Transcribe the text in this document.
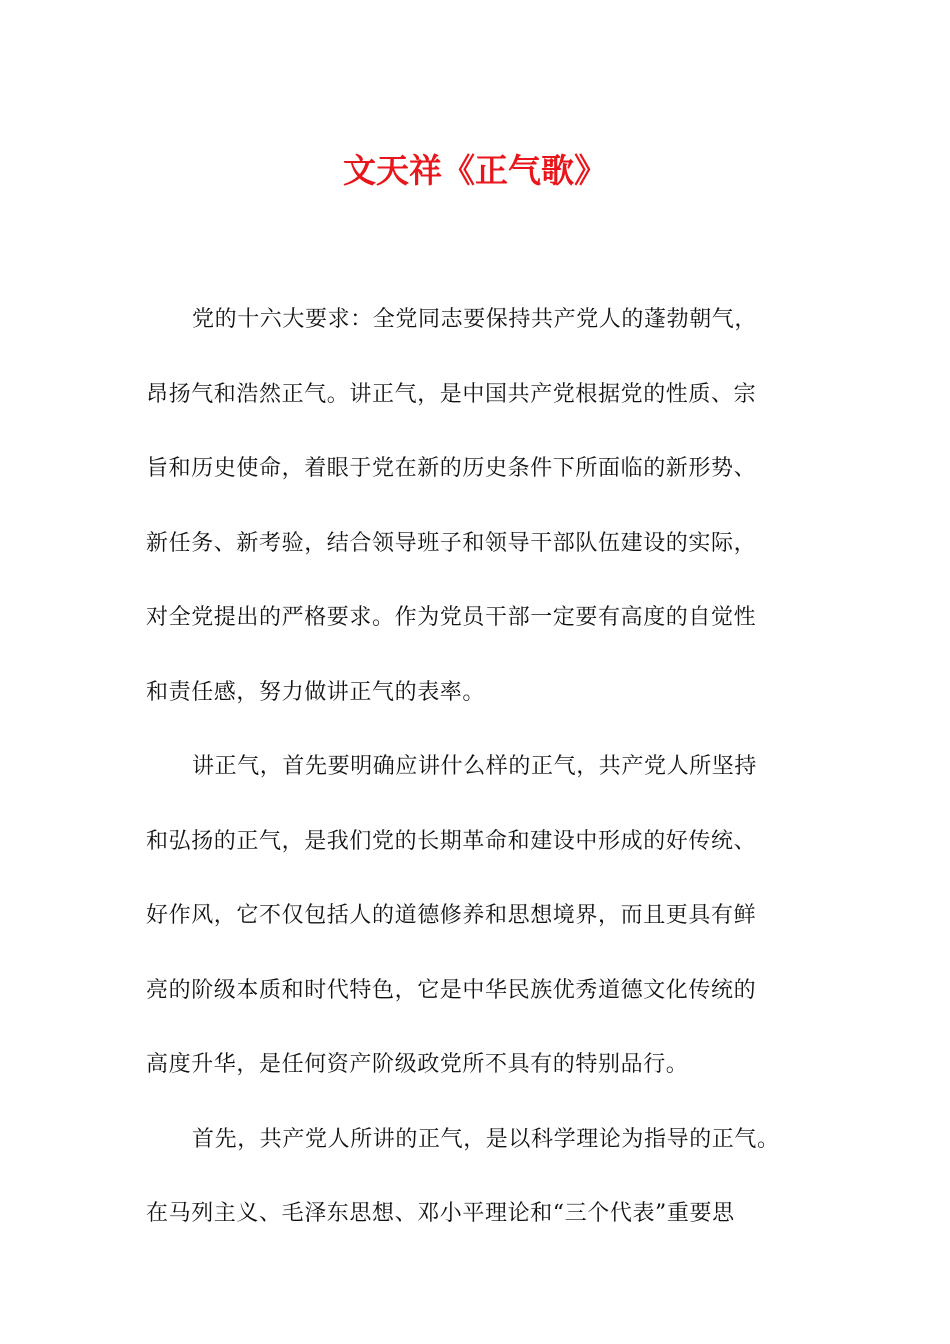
文天祥《正气歌》
党的十六大要求：全党同志要保持共产党人的蓬勃朝气，
昂扬气和浩然正气。讲正气，是中国共产党根据党的性质、宗
旨和历史使命，着眼于党在新的历史条件下所面临的新形势、
新任务、新考验，结合领导班子和领导干部队伍建设的实际，
对全党提出的严格要求。作为党员干部一定要有高度的自觉性
和责任感，努力做讲正气的表率。
讲正气，首先要明确应讲什么样的正气，共产党人所坚持
和弘扬的正气，是我们党的长期革命和建设中形成的好传统、
好作风，它不仅包括人的道德修养和思想境界，而且更具有鲜
亮的阶级本质和时代特色，它是中华民族优秀道德文化传统的
高度升华，是任何资产阶级政党所不具有的特别品行。
首先，共产党人所讲的正气，是以科学理论为指导的正气。
在马列主义、毛泽东思想、邓小平理论和“三个代表”重要思
